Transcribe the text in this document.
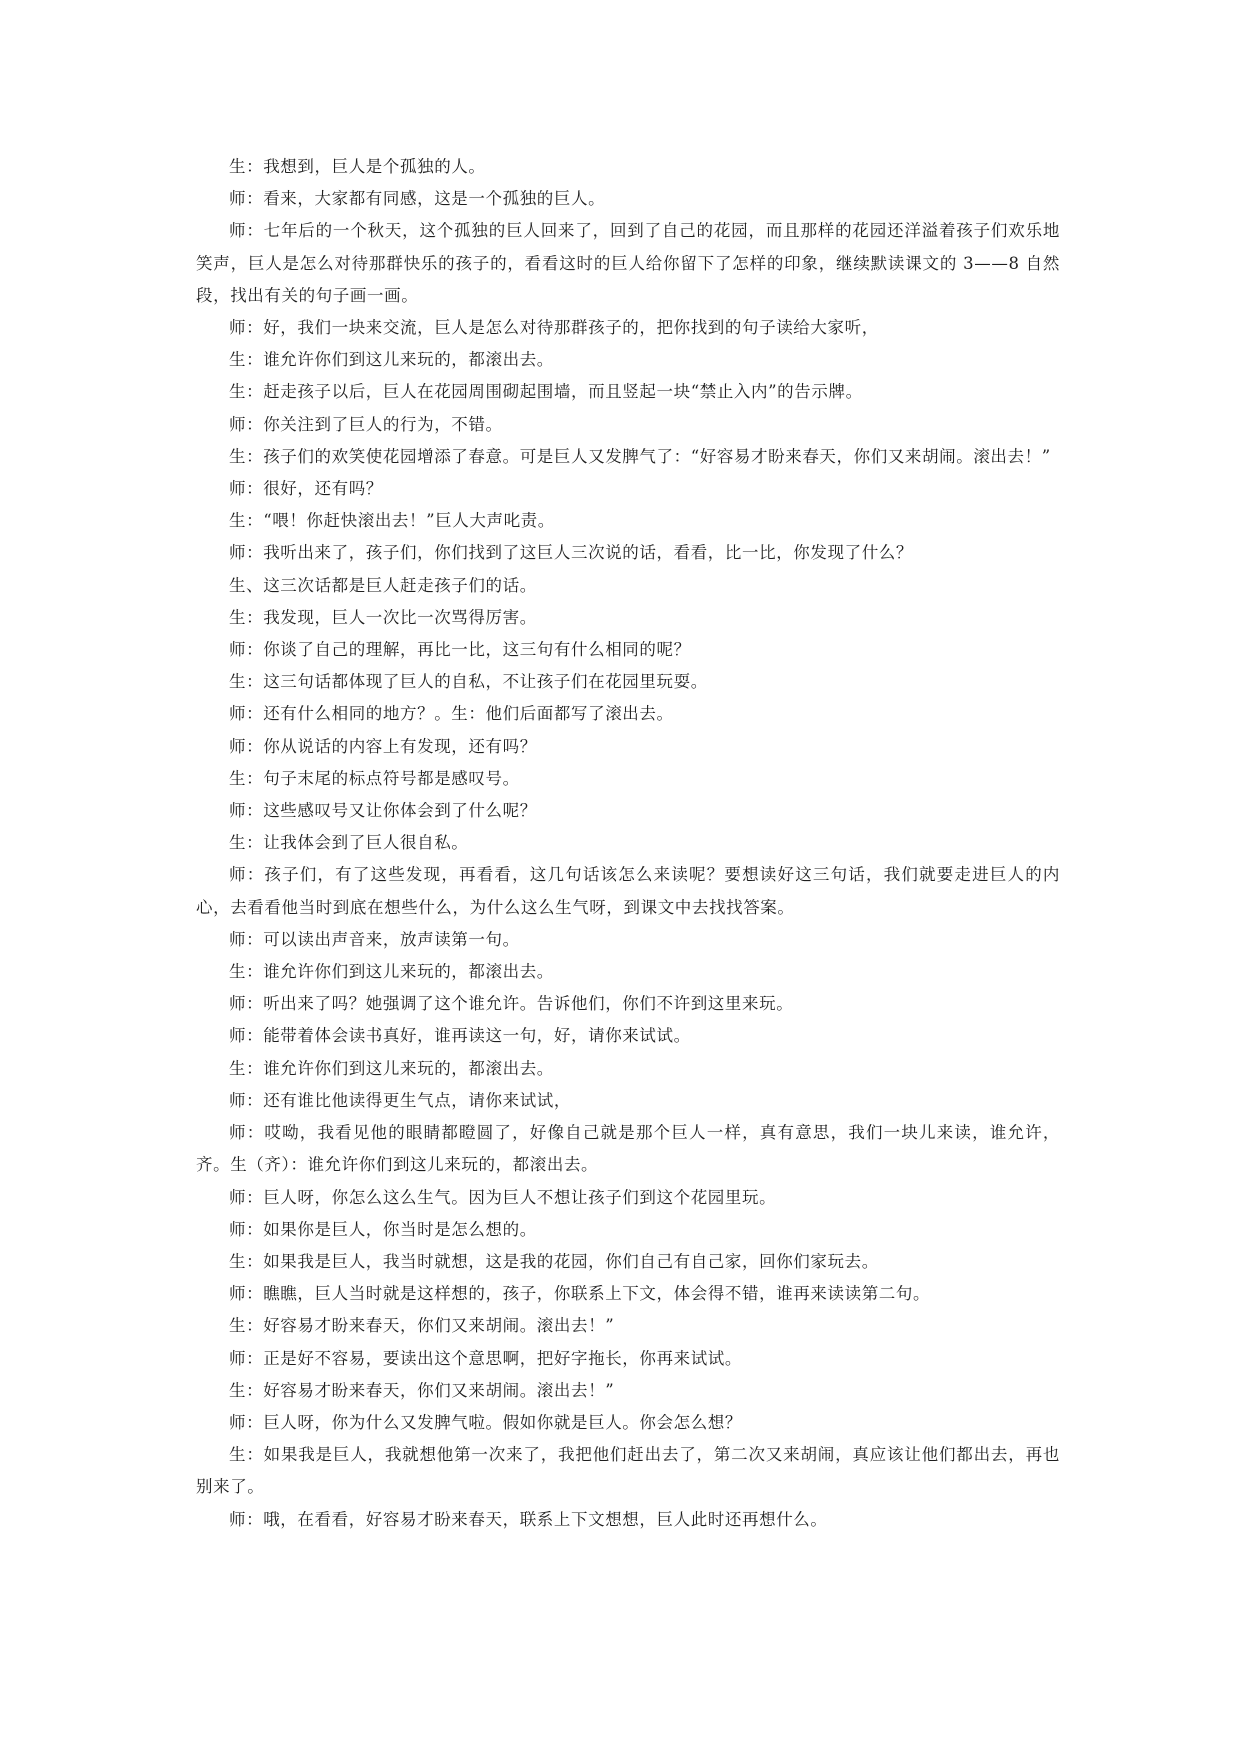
生：我想到，巨人是个孤独的人。

师：看来，大家都有同感，这是一个孤独的巨人。

师：七年后的一个秋天，这个孤独的巨人回来了，回到了自己的花园，而且那样的花园还洋溢着孩子们欢乐地笑声，巨人是怎么对待那群快乐的孩子的，看看这时的巨人给你留下了怎样的印象，继续默读课文的 3——8 自然段，找出有关的句子画一画。

师：好，我们一块来交流，巨人是怎么对待那群孩子的，把你找到的句子读给大家听，

生：谁允许你们到这儿来玩的，都滚出去。

生：赶走孩子以后，巨人在花园周围砌起围墙，而且竖起一块“禁止入内”的告示牌。

师：你关注到了巨人的行为，不错。

生：孩子们的欢笑使花园增添了春意。可是巨人又发脾气了：“好容易才盼来春天，你们又来胡闹。滚出去！”

师：很好，还有吗？

生：“喂！你赶快滚出去！”巨人大声叱责。

师：我听出来了，孩子们，你们找到了这巨人三次说的话，看看，比一比，你发现了什么？

生、这三次话都是巨人赶走孩子们的话。

生：我发现，巨人一次比一次骂得厉害。

师：你谈了自己的理解，再比一比，这三句有什么相同的呢？

生：这三句话都体现了巨人的自私，不让孩子们在花园里玩耍。

师：还有什么相同的地方？。生：他们后面都写了滚出去。

师：你从说话的内容上有发现，还有吗？

生：句子末尾的标点符号都是感叹号。

师：这些感叹号又让你体会到了什么呢？

生：让我体会到了巨人很自私。

师：孩子们，有了这些发现，再看看，这几句话该怎么来读呢？要想读好这三句话，我们就要走进巨人的内心，去看看他当时到底在想些什么，为什么这么生气呀，到课文中去找找答案。

师：可以读出声音来，放声读第一句。

生：谁允许你们到这儿来玩的，都滚出去。

师：听出来了吗？她强调了这个谁允许。告诉他们，你们不许到这里来玩。

师：能带着体会读书真好，谁再读这一句，好，请你来试试。

生：谁允许你们到这儿来玩的，都滚出去。

师：还有谁比他读得更生气点，请你来试试，

师：哎呦，我看见他的眼睛都瞪圆了，好像自己就是那个巨人一样，真有意思，我们一块儿来读，谁允许，齐。生（齐）：谁允许你们到这儿来玩的，都滚出去。

师：巨人呀，你怎么这么生气。因为巨人不想让孩子们到这个花园里玩。

师：如果你是巨人，你当时是怎么想的。

生：如果我是巨人，我当时就想，这是我的花园，你们自己有自己家，回你们家玩去。

师：瞧瞧，巨人当时就是这样想的，孩子，你联系上下文，体会得不错，谁再来读读第二句。

生：好容易才盼来春天，你们又来胡闹。滚出去！”

师：正是好不容易，要读出这个意思啊，把好字拖长，你再来试试。

生：好容易才盼来春天，你们又来胡闹。滚出去！”

师：巨人呀，你为什么又发脾气啦。假如你就是巨人。你会怎么想？

生：如果我是巨人，我就想他第一次来了，我把他们赶出去了，第二次又来胡闹，真应该让他们都出去，再也别来了。

师：哦，在看看，好容易才盼来春天，联系上下文想想，巨人此时还再想什么。
